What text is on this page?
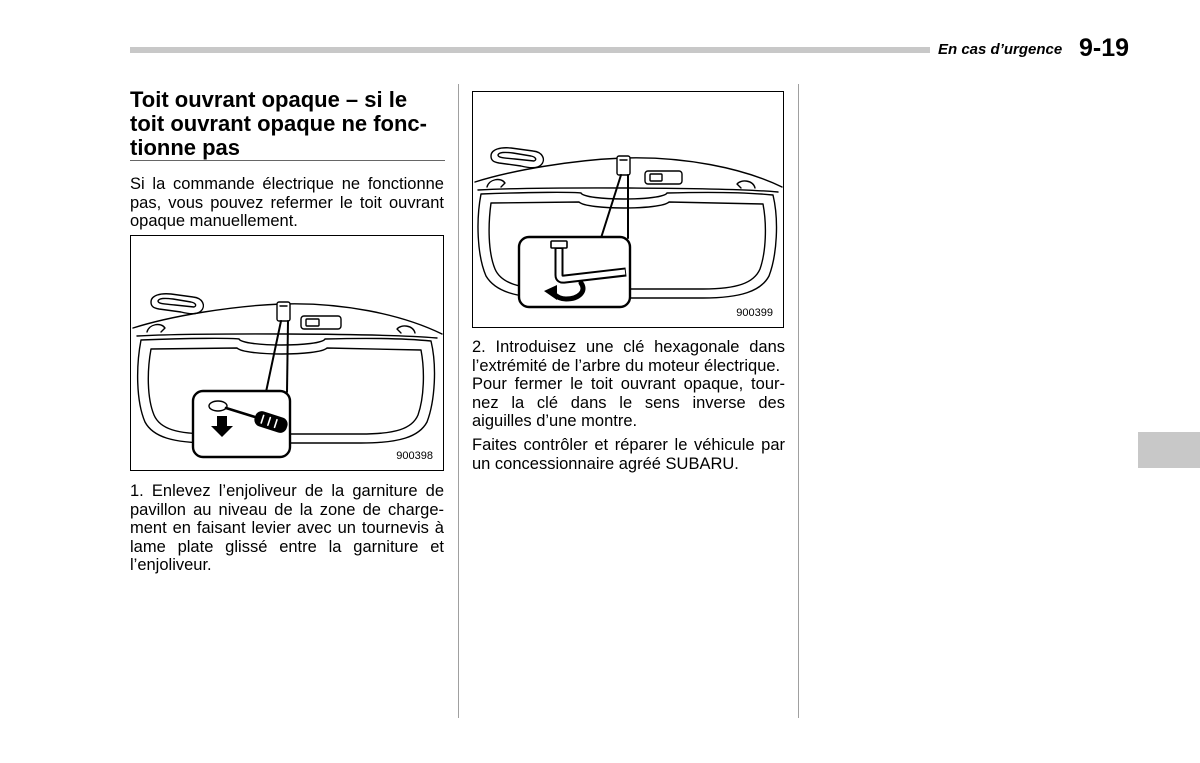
En cas d’urgence 9-19
Toit ouvrant opaque – si le
toit ouvrant opaque ne fonc-
tionne pas
Si la commande électrique ne fonctionne
pas, vous pouvez refermer le toit ouvrant
opaque manuellement.
900398
1. Enlevez l’enjoliveur de la garniture de
pavillon au niveau de la zone de charge-
ment en faisant levier avec un tournevis à
lame plate glissé entre la garniture et
l’enjoliveur.
900399
2. Introduisez une clé hexagonale dans
l’extrémité de l’arbre du moteur électrique.
Pour fermer le toit ouvrant opaque, tour-
nez la clé dans le sens inverse des
aiguilles d’une montre.
Faites contrôler et réparer le véhicule par
un concessionnaire agréé SUBARU.
